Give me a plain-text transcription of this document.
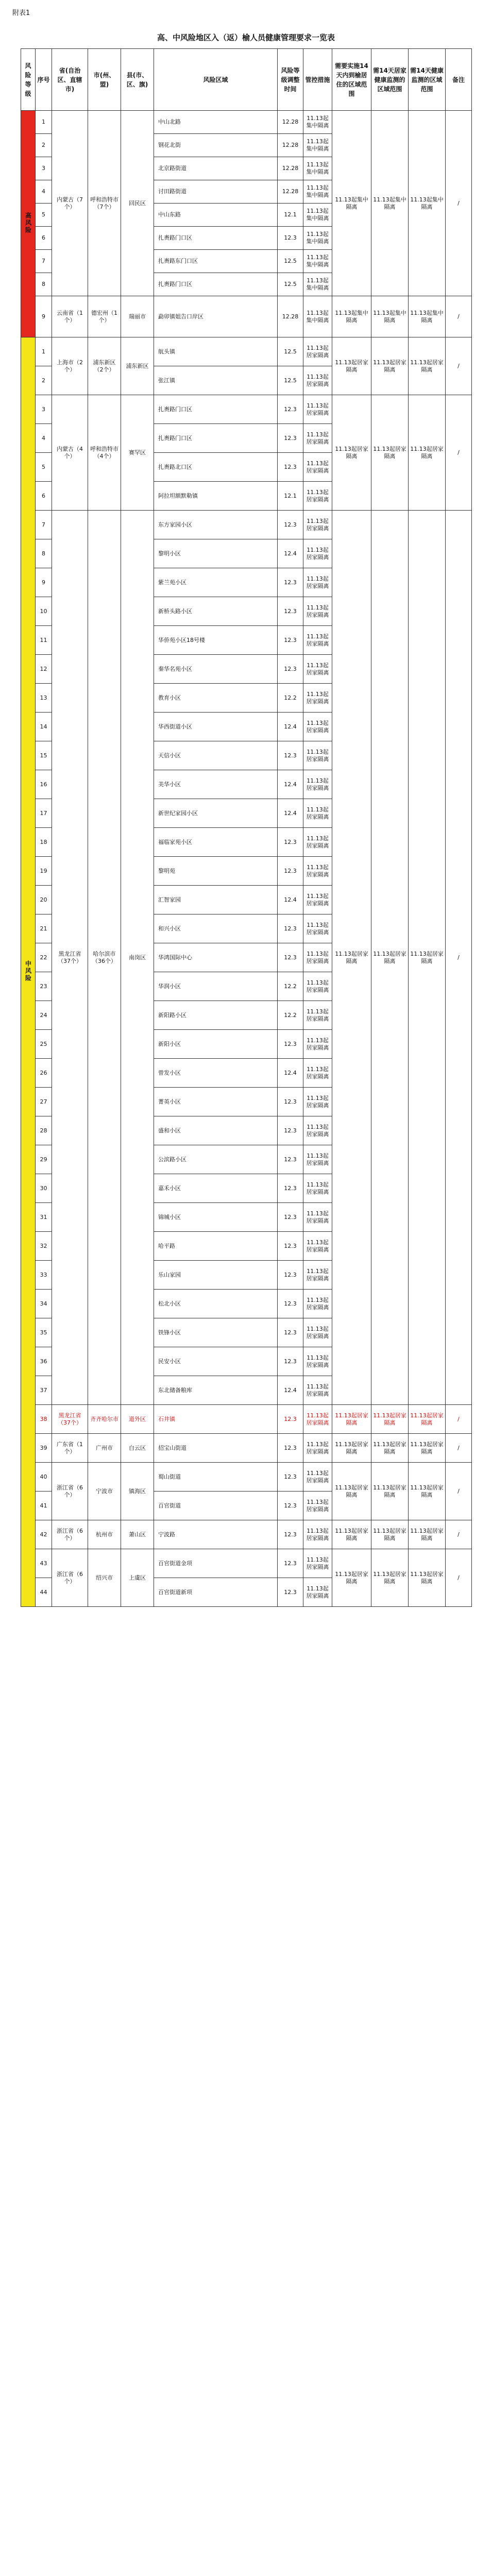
附表1
高、中风险地区入（返）榆人员健康管理要求一览表
风险等级	序号	省(自治区、直辖市)	市(州、盟)	县(市、区、旗)	风险区域	风险等级调整时间	管控措施	需要实施14天内到榆居住的区域范围	需14天居家健康监测的区域范围	需14天健康监测的区域范围	备注
高风险	1	内蒙古（7个）	呼和浩特市（7个）	回民区	中山北路	12.28	11.13起集中隔离	11.13起集中隔离	11.13起集中隔离	11.13起集中隔离	/
	2				钢花北街	12.28	11.13起集中隔离				
	3				北京路街道	12.28	11.13起集中隔离				
	4				讨田路街道	12.28	11.13起集中隔离				
	5				中山东路	12.1	11.13起集中隔离				
	6				扎赉路门口区	12.3	11.13起集中隔离				
	7				扎赉路东门口区	12.5	11.13起集中隔离				
	8				扎赉路门口区	12.5	11.13起集中隔离				
	9	云南省（1个）	德宏州（1个）	瑞丽市	勐卯镇姐告口岸区	12.28	11.13起集中隔离	11.13起集中隔离	11.13起集中隔离	11.13起集中隔离	/
中风险	1	上海市（2个）	浦东新区（2个）	浦东新区	航头镇	12.5	11.13起居家隔离	11.13起居家隔离	11.13起居家隔离	11.13起居家隔离	/
	2				张江镇	12.5	11.13起居家隔离				
	3	内蒙古（4个）	呼和浩特市（4个）	赛罕区	扎赉路门口区	12.3	11.13起居家隔离	11.13起居家隔离	11.13起居家隔离	11.13起居家隔离	/
	4				扎赉路门口区	12.3	11.13起居家隔离				
	5				扎赉路北口区	12.3	11.13起居家隔离				
	6				阿拉坦额默勒镇	12.1	11.13起居家隔离				
	7	黑龙江省（37个）	哈尔滨市（36个）	南岗区	东方家园小区	12.3	11.13起居家隔离	11.13起居家隔离	11.13起居家隔离	11.13起居家隔离	/
	8				黎明小区	12.4	11.13起居家隔离				
	9				紫兰苑小区	12.3	11.13起居家隔离				
	10				新桥头路小区	12.3	11.13起居家隔离				
	11				华侨苑小区18号楼	12.3	11.13起居家隔离				
	12				秦华名苑小区	12.3	11.13起居家隔离				
	13				教育小区	12.2	11.13起居家隔离				
	14				华西街道小区	12.4	11.13起居家隔离				
	15				天信小区	12.3	11.13起居家隔离				
	16				美华小区	12.4	11.13起居家隔离				
	17				新世纪家园小区	12.4	11.13起居家隔离				
	18				福临家苑小区	12.3	11.13起居家隔离				
	19				黎明苑	12.3	11.13起居家隔离				
	20				汇智家园	12.4	11.13起居家隔离				
	21				和兴小区	12.3	11.13起居家隔离				
	22				华鸿国际中心	12.3	11.13起居家隔离				
	23				华润小区	12.2	11.13起居家隔离				
	24				新阳路小区	12.2	11.13起居家隔离				
	25				新阳小区	12.3	11.13起居家隔离				
	26				曾发小区	12.4	11.13起居家隔离				
	27				菁英小区	12.3	11.13起居家隔离				
	28				盛和小区	12.3	11.13起居家隔离				
	29				公滨路小区	12.3	11.13起居家隔离				
	30				嘉禾小区	12.3	11.13起居家隔离				
	31				锦城小区	12.3	11.13起居家隔离				
	32				哈平路	12.3	11.13起居家隔离				
	33				乐山家园	12.3	11.13起居家隔离				
	34				松北小区	12.3	11.13起居家隔离				
	35				铁锋小区	12.3	11.13起居家隔离				
	36				民安小区	12.3	11.13起居家隔离				
	37				东北储备粮库	12.4	11.13起居家隔离				
	38	黑龙江省（37个）	齐齐哈尔市	道外区	石井镇	12.3	11.13起居家隔离	11.13起居家隔离	11.13起居家隔离	11.13起居家隔离	/
	39	广东省（1个）	广州市	白云区	招宝山街道	12.3	11.13起居家隔离	11.13起居家隔离	11.13起居家隔离	11.13起居家隔离	/
	40	浙江省（6个）	宁波市	镇海区	蜀山街道	12.3	11.13起居家隔离	11.13起居家隔离	11.13起居家隔离	11.13起居家隔离	/
	41				百官街道	12.3	11.13起居家隔离				
	42	浙江省（6个）	杭州市	萧山区	宁波路	12.3	11.13起居家隔离	11.13起居家隔离	11.13起居家隔离	11.13起居家隔离	/
	43	浙江省（6个）	绍兴市	上虞区	百官街道金项	12.3	11.13起居家隔离	11.13起居家隔离	11.13起居家隔离	11.13起居家隔离	/
	44				百官街道新项	12.3	11.13起居家隔离				
